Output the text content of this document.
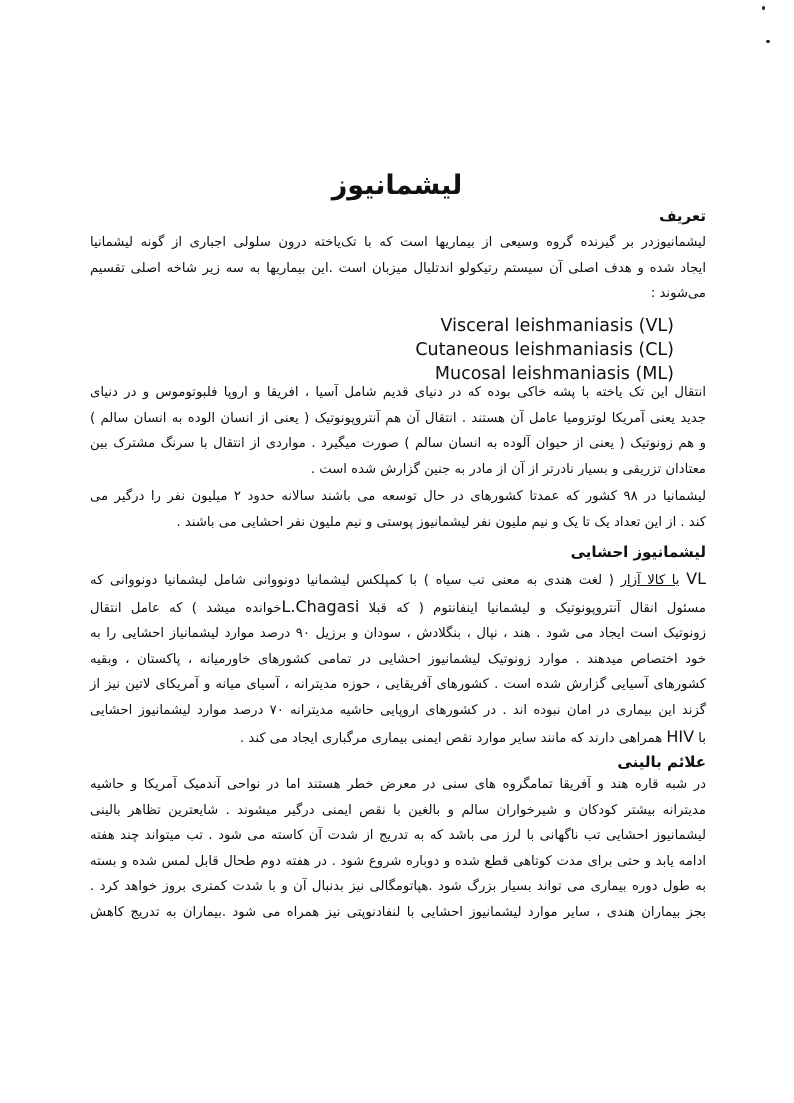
لیشمانیوز
تعریف

لیشمانیوزدر بر گیرنده گروه وسیعی از بیماریها است که با تک‌یاخته درون سلولی اجباری از گونه لیشمانیا

ایجاد شده و هدف اصلی آن سیستم رتیکولو اندتلیال میزبان است .این بیماریها به سه زیر شاخه اصلی تقسیم

می‌شوند :

Visceral leishmaniasis (VL)
Cutaneous leishmaniasis (CL)
Mucosal leishmaniasis (ML)

انتقال این تک یاخته با پشه خاکی بوده که در دنیای قدیم شامل آسیا ، افریقا و اروپا فلبوتوموس و در دنیای

جدید یعنی آمریکا لوتزومیا عامل آن هستند . انتقال آن هم آنتروپونوتیک ( یعنی از انسان الوده به انسان سالم )

و هم زونوتیک ( یعنی از حیوان آلوده به انسان سالم ) صورت میگیرد . مواردی از انتقال با سرنگ مشترک بین

معتادان تزریقی و بسیار نادرتر از آن از مادر به جنین گزارش شده است .

لیشمانیا در ۹۸ کشور که عمدتا کشورهای در حال توسعه می باشند سالانه حدود ۲ میلیون نفر را درگیر می

کند . از این تعداد یک تا یک و نیم ملیون نفر لیشمانیوز پوستی و نیم ملیون نفر احشایی می باشند .

لیشمانیوز احشایی

VL یا کالا آزار ( لغت هندی به معنی تب سیاه ) با کمپلکس لیشمانیا دونووانی شامل لیشمانیا دونووانی که

مسئول انقال آنتروپونوتیک و لیشمانیا اینفانتوم ( که قبلا L.Chagasiخوانده میشد ) که عامل انتقال

زونوتیک است ایجاد می شود . هند ، نپال ، بنگلادش ، سودان و برزیل ۹۰ درصد موارد لیشمانیاز احشایی را به

خود اختصاص میدهند . موارد زونوتیک لیشمانیوز احشایی در تمامی کشورهای خاورمیانه ، پاکستان ، وبقیه

کشورهای آسیایی گزارش شده است . کشورهای آفریقایی ، حوزه مدیترانه ، آسیای میانه و آمریکای لاتین نیز از

گزند این بیماری در امان نبوده اند . در کشورهای اروپایی حاشیه مدیترانه ۷۰ درصد موارد لیشمانیوز احشایی

با HIV همراهی دارند که مانند سایر موارد نقص ایمنی بیماری مرگباری ایجاد می کند .

علائم بالینی

در شبه قاره هند و آفریقا تمامگروه های سنی در معرض خطر هستند اما در نواحی آندمیک آمریکا و حاشیه

مدیترانه بیشتر کودکان و شیرخواران سالم و بالغین با نقص ایمنی درگیر میشوند . شایعترین تظاهر بالینی

لیشمانیوز احشایی تب ناگهانی با لرز می باشد که به تدریج از شدت آن کاسته می شود . تب میتواند چند هفته

ادامه یابد و حتی برای مدت کوتاهی قطع شده و دوباره شروع شود . در هفته دوم طحال قابل لمس شده و بسته

به طول دوره بیماری می تواند بسیار بزرگ شود .هپاتومگالی نیز بدنبال آن و با شدت کمتری بروز خواهد کرد .

بجز بیماران هندی ، سایر موارد لیشمانیوز احشایی با لنفادنوپتی نیز همراه می شود .بیماران به تدریج کاهش
